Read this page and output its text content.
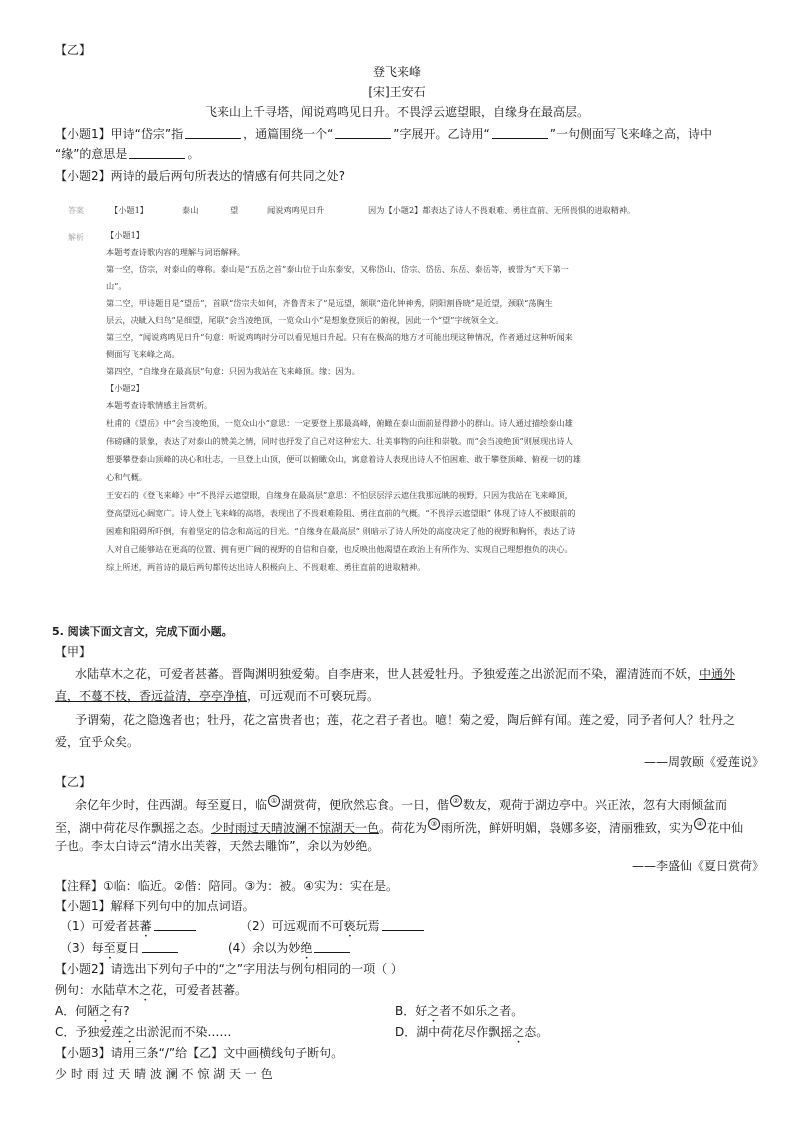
【乙】
登飞来峰
[宋]王安石
飞来山上千寻塔，闻说鸡鸣见日升。不畏浮云遮望眼，自缘身在最高层。
【小题1】甲诗“岱宗”指	，通篇围绕一个“	”字展开。乙诗用“	”一句侧面写飞来峰之高，诗中
“缘”的意思是	。
【小题2】两诗的最后两句所表达的情感有何共同之处?
答案	【小题1】	泰山	望	闻说鸡鸣见日升	因为【小题2】都表达了诗人不畏艰难、勇往直前、无所畏惧的进取精神。
解析	【小题1】
本题考查诗歌内容的理解与词语解释。
第一空，岱宗，对泰山的尊称。泰山是“五岳之首”泰山位于山东泰安，又称岱山、岱宗、岱岳、东岳、泰岳等，被誉为“天下第一
山”。
第二空，甲诗题目是“望岳”，首联“岱宗夫如何，齐鲁青未了”是远望，颔联“造化钟神秀，阴阳割昏晓”是近望，颈联“荡胸生
层云，决眦入归鸟”是细望，尾联“会当凌绝顶，一览众山小”是想象登顶后的俯视，因此一个“望”字统领全文。
第三空，“闻说鸡鸣见日升”句意：听说鸡鸣时分可以看见旭日升起。只有在极高的地方才可能出现这种情况，作者通过这种听闻来
侧面写飞来峰之高。
第四空，“自缘身在最高层”句意：只因为我站在飞来峰顶。缘：因为。
【小题2】
本题考查诗歌情感主旨赏析。
杜甫的《望岳》中“会当凌绝顶，一览众山小”意思：一定要登上那最高峰，俯瞰在泰山面前显得渺小的群山。诗人通过描绘泰山雄
伟磅礴的景象，表达了对泰山的赞美之情，同时也抒发了自己对这种宏大、壮美事物的向往和崇敬。而“会当凌绝顶”则展现出诗人
想要攀登泰山顶峰的决心和壮志，一旦登上山顶，便可以俯瞰众山，寓意着诗人表现出诗人不怕困难、敢于攀登顶峰、俯视一切的雄
心和气概。
王安石的《登飞来峰》中“不畏浮云遮望眼，自缘身在最高层”意思：不怕层层浮云遮住我那远眺的视野，只因为我站在飞来峰顶，
登高望远心阔宽广。诗人登上飞来峰的高塔，表现出了不畏艰难险阻、勇往直前的气概。“不畏浮云遮望眼” 体现了诗人不被眼前的
困难和阻碍所吓倒，有着坚定的信念和高远的目光。“自缘身在最高层” 则暗示了诗人所处的高度决定了他的视野和胸怀，表达了诗
人对自己能够站在更高的位置、拥有更广阔的视野的自信和自豪，也反映出他渴望在政治上有所作为、实现自己理想抱负的决心。
综上所述，两首诗的最后两句都传达出诗人积极向上、不畏艰难、勇往直前的进取精神。
5. 阅读下面文言文，完成下面小题。
【甲】
水陆草木之花，可爱者甚蕃。晋陶渊明独爱菊。自李唐来，世人甚爱牡丹。予独爱莲之出淤泥而不染，濯清涟而不妖，中通外
直，不蔓不枝，香远益清，亭亭净植，可远观而不可亵玩焉。
予谓菊，花之隐逸者也；牡丹，花之富贵者也；莲，花之君子者也。噫！菊之爱，陶后鲜有闻。莲之爱，同予者何人？牡丹之
爱，宜乎众矣。
——周敦颐《爱莲说》
【乙】
余亿年少时，住西湖。每至夏日，临 ① 湖赏荷，便欣然忘食。一日，偕 ② 数友，观荷于湖边亭中。兴正浓，忽有大雨倾盆而
至，湖中荷花尽作飘摇之态。少时雨过天晴波澜不惊湖天一色。荷花为 ③ 雨所洗，鲜妍明媚，袅娜多姿，清丽雅致，实为 ④ 花中仙
子也。李太白诗云“清水出芙蓉，天然去雕饰”，余以为妙绝。
——李盛仙《夏日赏荷》
【注释】①临：临近。②偕：陪同。③为：被。④实为：实在是。
【小题1】解释下列句中的加点词语。
（1）可爱者甚蕃	（2）可远观而不可亵玩焉
（3）每至夏日	(4）余以为妙绝
【小题2】请选出下列句子中的“之”字用法与例句相同的一项（ ）
例句：水陆草木之花，可爱者甚蕃。
A．何陋之有?	B．好之者不如乐之者。
C．予独爱莲之出淤泥而不染……	D．湖中荷花尽作飘摇之态。
【小题3】请用三条“/”给【乙】文中画横线句子断句。
少 时 雨 过 天 晴 波 澜 不 惊 湖 天 一 色
